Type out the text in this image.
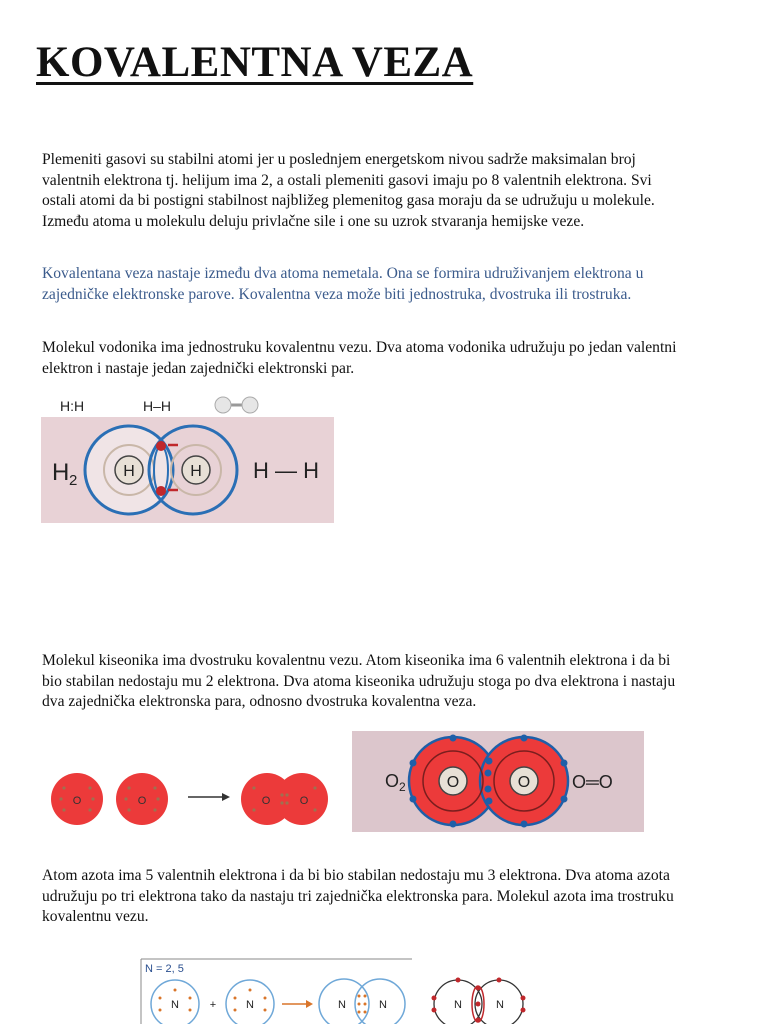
KOVALENTNA VEZA

Plemeniti gasovi su stabilni atomi jer u poslednjem energetskom nivou sadrže maksimalan broj valentnih elektrona tj. helijum ima 2, a ostali plemeniti gasovi imaju po 8 valentnih elektrona. Svi ostali atomi da bi postigni stabilnost najbližeg plemenitog gasa moraju da se udružuju u molekule. Između atoma u molekulu deluju privlačne sile i one su uzrok stvaranja hemijske veze.

Kovalentana veza nastaje između dva atoma nemetala. Ona se formira udruživanjem elektrona u zajedničke elektronske parove. Kovalentna veza može biti jednostruka, dvostruka ili trostruka.

Molekul vodonika ima jednostruku kovalentnu vezu. Dva atoma vodonika udružuju po jedan valentni elektron i nastaje jedan zajednički elektronski par.

H:H	H–H
H 2
H	H H — H

Molekul kiseonika ima dvostruku kovalentnu vezu. Atom kiseonika ima 6 valentnih elektrona i da bi bio stabilan nedostaju mu 2 elektrona. Dva atoma kiseonika udružuju stoga po dva elektrona i nastaju dva zajednička elektronska para, odnosno dvostruka kovalentna veza.

O	O	O	O
O 2	O	O O═O

Atom azota ima 5 valentnih elektrona i da bi bio stabilan nedostaju mu 3 elektrona. Dva atoma azota udružuju po tri elektrona tako da nastaju tri zajednička elektronska para. Molekul azota ima trostruku kovalentnu vezu.

N = 2, 5
N	+	N	N	N	N	N
